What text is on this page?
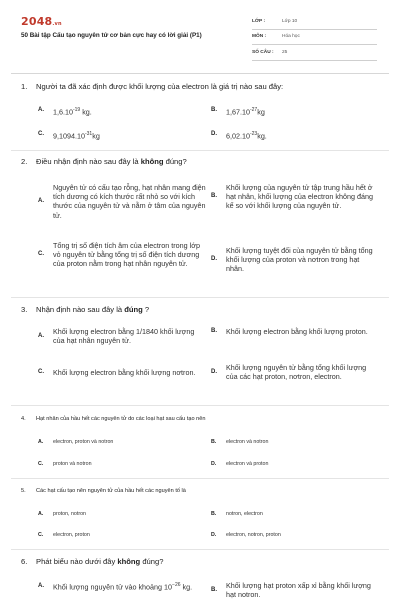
2048.vn
50 Bài tập Cấu tạo nguyên tử cơ bản cực hay có lời giải (P1)
LỚP :	Lớp 10
MÔN :	Hóa học
SỐ CÂU :	25
1.	Người ta đã xác định được khối lượng của electron là giá trị nào sau đây:
A.	$1,6.10^{-19}$ kg.	B.	$1,67.10^{-27}kg$
C.	$9,1094.10^{-31}kg$	D.	$6,02.10^{-23}kg$.
2.	Điều nhận định nào sau đây là không đúng?
A.
Nguyên tử có cấu tạo rỗng, hạt nhân mang điện tích dương có kích thước rất nhỏ so với kích thước của nguyên tử và nằm ở tâm của nguyên tử.
B.
Khối lượng của nguyên tử tập trung hầu hết ở hạt nhân, khối lượng của electron không đáng kể so với khối lượng của nguyên tử.
C.
Tổng trị số điện tích âm của electron trong lớp vỏ nguyên tử bằng tổng trị số điện tích dương của proton nằm trong hạt nhân nguyên tử.
D.
Khối lượng tuyệt đối của nguyên tử bằng tổng khối lượng của proton và nơtron trong hạt nhân.
3.	Nhận định nào sau đây là đúng ?
A.	Khối lượng electron bằng 1/1840 khối lượng của hạt nhân nguyên tử.
B.	Khối lượng electron bằng khối lượng proton.
C.	Khối lượng electron bằng khối lượng nơtron.	D.	Khối lượng nguyên tử bằng tổng khối lượng của các hạt proton, nơtron, electron.
4.	Hạt nhân của hầu hết các nguyên tử do các loại hạt sau cấu tạo nên
A.	electron, proton và notron	B.	electron và notron
C.	proton và notron	D.	electron và proton
5.	Các hạt cấu tạo nên nguyên tử của hầu hết các nguyên tố là
A.	proton, notron	B.	notron, electron
C.	electron, proton	D.	electron, notron, proton
6.	Phát biểu nào dưới đây không đúng?
A.	Khối lượng nguyên tử vào khoảng $10^{-26}$ kg.	B.	Khối lượng hạt proton xấp xỉ bằng khối lượng hạt notron.
